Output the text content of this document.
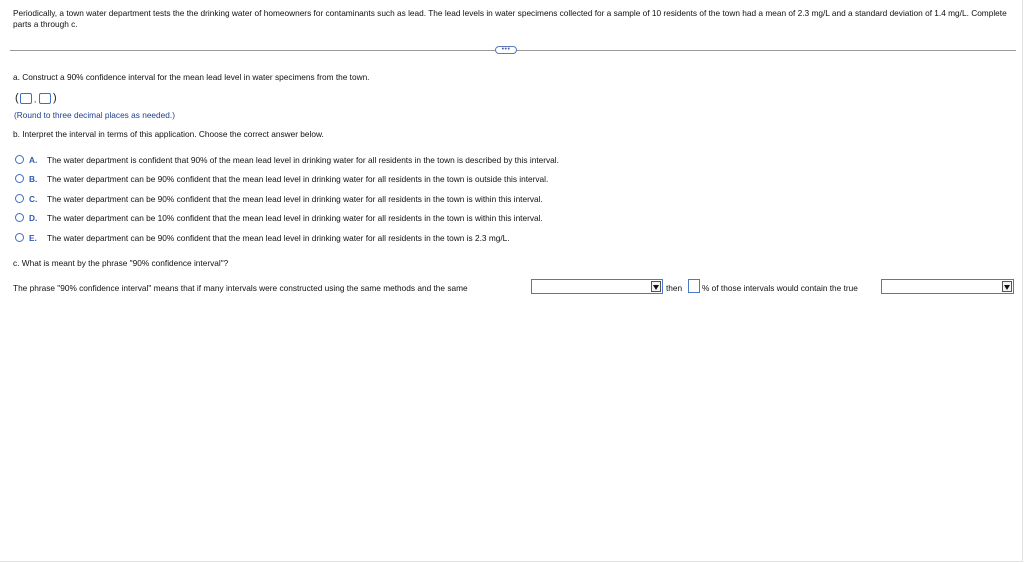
Periodically, a town water department tests the the drinking water of homeowners for contaminants such as lead. The lead levels in water specimens collected for a sample of 10 residents of the town had a mean of 2.3 mg/L and a standard deviation of 1.4 mg/L. Complete parts a through c.
•••
a. Construct a 90% confidence interval for the mean lead level in water specimens from the town.
( , )
(Round to three decimal places as needed.)
b. Interpret the interval in terms of this application. Choose the correct answer below.
A. The water department is confident that 90% of the mean lead level in drinking water for all residents in the town is described by this interval.
B. The water department can be 90% confident that the mean lead level in drinking water for all residents in the town is outside this interval.
C. The water department can be 90% confident that the mean lead level in drinking water for all residents in the town is within this interval.
D. The water department can be 10% confident that the mean lead level in drinking water for all residents in the town is within this interval.
E. The water department can be 90% confident that the mean lead level in drinking water for all residents in the town is 2.3 mg/L.
c. What is meant by the phrase "90% confidence interval"?
The phrase "90% confidence interval" means that if many intervals were constructed using the same methods and the same	then % of those intervals would contain the true
